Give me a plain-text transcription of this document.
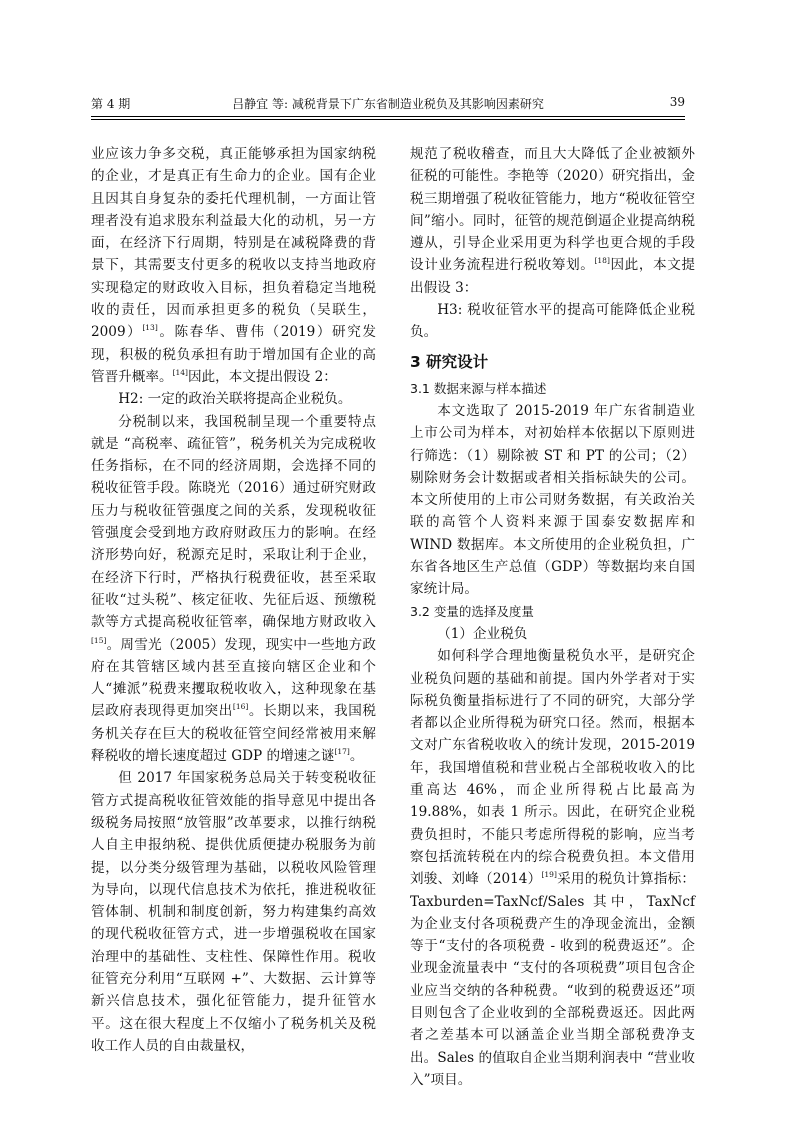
第 4 期	吕静宜 等: 减税背景下广东省制造业税负及其影响因素研究	39

业应该力争多交税，真正能够承担为国家纳税的企业，才是真正有生命力的企业。国有企业且因其自身复杂的委托代理机制，一方面让管理者没有追求股东利益最大化的动机，另一方面，在经济下行周期，特别是在减税降费的背景下，其需要支付更多的税收以支持当地政府实现稳定的财政收入目标，担负着稳定当地税收的责任，因而承担更多的税负（吴联生，2009）[13]。陈春华、曹伟（2019）研究发现，积极的税负承担有助于增加国有企业的高管晋升概率。[14]因此，本文提出假设 2：

H2: 一定的政治关联将提高企业税负。

分税制以来，我国税制呈现一个重要特点就是 “高税率、疏征管”，税务机关为完成税收任务指标，在不同的经济周期，会选择不同的税收征管手段。陈晓光（2016）通过研究财政压力与税收征管强度之间的关系，发现税收征管强度会受到地方政府财政压力的影响。在经济形势向好，税源充足时，采取让利于企业，在经济下行时，严格执行税费征收，甚至采取征收“过头税”、核定征收、先征后返、预缴税款等方式提高税收征管率，确保地方财政收入[15]。周雪光（2005）发现，现实中一些地方政府在其管辖区域内甚至直接向辖区企业和个人“摊派”税费来攫取税收收入，这种现象在基层政府表现得更加突出[16]。长期以来，我国税务机关存在巨大的税收征管空间经常被用来解释税收的增长速度超过 GDP 的增速之谜[17]。

但 2017 年国家税务总局关于转变税收征管方式提高税收征管效能的指导意见中提出各级税务局按照“放管服”改革要求，以推行纳税人自主申报纳税、提供优质便捷办税服务为前提，以分类分级管理为基础，以税收风险管理为导向，以现代信息技术为依托，推进税收征管体制、机制和制度创新，努力构建集约高效的现代税收征管方式，进一步增强税收在国家治理中的基础性、支柱性、保障性作用。税收征管充分利用“互联网 +”、大数据、云计算等新兴信息技术，强化征管能力，提升征管水平。这在很大程度上不仅缩小了税务机关及税收工作人员的自由裁量权，

规范了税收稽查，而且大大降低了企业被额外征税的可能性。李艳等（2020）研究指出，金税三期增强了税收征管能力，地方“税收征管空间”缩小。同时，征管的规范倒逼企业提高纳税遵从，引导企业采用更为科学也更合规的手段设计业务流程进行税收筹划。[18]因此，本文提出假设 3：

H3: 税收征管水平的提高可能降低企业税负。

3 研究设计

3.1 数据来源与样本描述

本文选取了 2015-2019 年广东省制造业上市公司为样本，对初始样本依据以下原则进行筛选：（1）剔除被 ST 和 PT 的公司；（2）剔除财务会计数据或者相关指标缺失的公司。本文所使用的上市公司财务数据，有关政治关联的高管个人资料来源于国泰安数据库和 WIND 数据库。本文所使用的企业税负担，广东省各地区生产总值（GDP）等数据均来自国家统计局。

3.2 变量的选择及度量

（1）企业税负

如何科学合理地衡量税负水平，是研究企业税负问题的基础和前提。国内外学者对于实际税负衡量指标进行了不同的研究，大部分学者都以企业所得税为研究口径。然而，根据本文对广东省税收收入的统计发现，2015-2019 年，我国增值税和营业税占全部税收收入的比重高达 46%，而企业所得税占比最高为 19.88%，如表 1 所示。因此，在研究企业税费负担时，不能只考虑所得税的影响，应当考察包括流转税在内的综合税费负担。本文借用刘骏、刘峰（2014）[19]采用的税负计算指标：Taxburden=TaxNcf/Sales 其中，TaxNcf 为企业支付各项税费产生的净现金流出，金额等于“支付的各项税费 - 收到的税费返还”。企业现金流量表中 “支付的各项税费”项目包含企业应当交纳的各种税费。“收到的税费返还”项目则包含了企业收到的全部税费返还。因此两者之差基本可以涵盖企业当期全部税费净支出。Sales 的值取自企业当期利润表中 “营业收入”项目。
